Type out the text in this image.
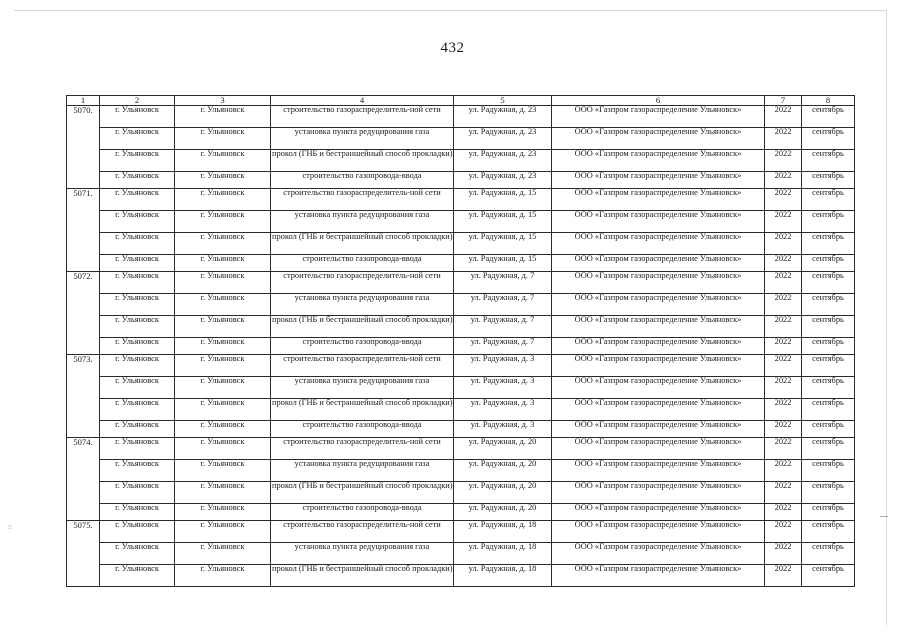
432
⁝⁝
1	2	3	4	5	6	7	8
5070.	г. Ульяновск	г. Ульяновск	строительство газораспределитель-ной сети	ул. Радужная, д. 23	ООО «Газпром газораспределение Ульяновск»	2022	сентябрь
	г. Ульяновск	г. Ульяновск	установка пункта редуцирования газа	ул. Радужная, д. 23	ООО «Газпром газораспределение Ульяновск»	2022	сентябрь
	г. Ульяновск	г. Ульяновск	прокол (ГНБ и бестраншейный способ прокладки)	ул. Радужная, д. 23	ООО «Газпром газораспределение Ульяновск»	2022	сентябрь
	г. Ульяновск	г. Ульяновск	строительство газопровода-ввода	ул. Радужная, д. 23	ООО «Газпром газораспределение Ульяновск»	2022	сентябрь
5071.	г. Ульяновск	г. Ульяновск	строительство газораспределитель-ной сети	ул. Радужная, д. 15	ООО «Газпром газораспределение Ульяновск»	2022	сентябрь
	г. Ульяновск	г. Ульяновск	установка пункта редуцирования газа	ул. Радужная, д. 15	ООО «Газпром газораспределение Ульяновск»	2022	сентябрь
	г. Ульяновск	г. Ульяновск	прокол (ГНБ и бестраншейный способ прокладки)	ул. Радужная, д. 15	ООО «Газпром газораспределение Ульяновск»	2022	сентябрь
	г. Ульяновск	г. Ульяновск	строительство газопровода-ввода	ул. Радужная, д. 15	ООО «Газпром газораспределение Ульяновск»	2022	сентябрь
5072.	г. Ульяновск	г. Ульяновск	строительство газораспределитель-ной сети	ул. Радужная, д. 7	ООО «Газпром газораспределение Ульяновск»	2022	сентябрь
	г. Ульяновск	г. Ульяновск	установка пункта редуцирования газа	ул. Радужная, д. 7	ООО «Газпром газораспределение Ульяновск»	2022	сентябрь
	г. Ульяновск	г. Ульяновск	прокол (ГНБ и бестраншейный способ прокладки)	ул. Радужная, д. 7	ООО «Газпром газораспределение Ульяновск»	2022	сентябрь
	г. Ульяновск	г. Ульяновск	строительство газопровода-ввода	ул. Радужная, д. 7	ООО «Газпром газораспределение Ульяновск»	2022	сентябрь
5073.	г. Ульяновск	г. Ульяновск	строительство газораспределитель-ной сети	ул. Радужная, д. 3	ООО «Газпром газораспределение Ульяновск»	2022	сентябрь
	г. Ульяновск	г. Ульяновск	установка пункта редуцирования газа	ул. Радужная, д. 3	ООО «Газпром газораспределение Ульяновск»	2022	сентябрь
	г. Ульяновск	г. Ульяновск	прокол (ГНБ и бестраншейный способ прокладки)	ул. Радужная, д. 3	ООО «Газпром газораспределение Ульяновск»	2022	сентябрь
	г. Ульяновск	г. Ульяновск	строительство газопровода-ввода	ул. Радужная, д. 3	ООО «Газпром газораспределение Ульяновск»	2022	сентябрь
5074.	г. Ульяновск	г. Ульяновск	строительство газораспределитель-ной сети	ул. Радужная, д. 20	ООО «Газпром газораспределение Ульяновск»	2022	сентябрь
	г. Ульяновск	г. Ульяновск	установка пункта редуцирования газа	ул. Радужная, д. 20	ООО «Газпром газораспределение Ульяновск»	2022	сентябрь
	г. Ульяновск	г. Ульяновск	прокол (ГНБ и бестраншейный способ прокладки)	ул. Радужная, д. 20	ООО «Газпром газораспределение Ульяновск»	2022	сентябрь
	г. Ульяновск	г. Ульяновск	строительство газопровода-ввода	ул. Радужная, д. 20	ООО «Газпром газораспределение Ульяновск»	2022	сентябрь
5075.	г. Ульяновск	г. Ульяновск	строительство газораспределитель-ной сети	ул. Радужная, д. 18	ООО «Газпром газораспределение Ульяновск»	2022	сентябрь
	г. Ульяновск	г. Ульяновск	установка пункта редуцирования газа	ул. Радужная, д. 18	ООО «Газпром газораспределение Ульяновск»	2022	сентябрь
	г. Ульяновск	г. Ульяновск	прокол (ГНБ и бестраншейный способ прокладки)	ул. Радужная, д. 18	ООО «Газпром газораспределение Ульяновск»	2022	сентябрь
